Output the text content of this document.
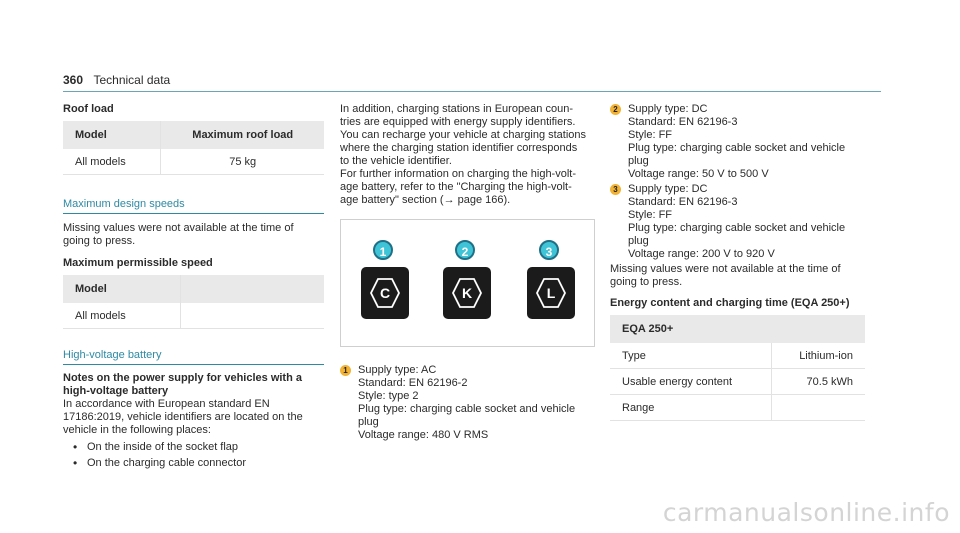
360 Technical data
Roof load
Model	Maximum roof load
All models	75 kg
Maximum design speeds
Missing values were not available at the time of
going to press.
Maximum permissible speed
Model	
All models	
High-voltage battery
Notes on the power supply for vehicles with a
high-voltage battery
In accordance with European standard EN
17186:2019, vehicle identifiers are located on the
vehicle in the following places:
• On the inside of the socket flap
• On the charging cable connector
In addition, charging stations in European coun-
tries are equipped with energy supply identifiers.
You can recharge your vehicle at charging stations
where the charging station identifier corresponds
to the vehicle identifier.
For further information on charging the high-volt-
age battery, refer to the "Charging the high-volt-
age battery" section (→ page 166).
1
C
2
K
3
L
1 Supply type: AC
Standard: EN 62196-2
Style: type 2
Plug type: charging cable socket and vehicle
plug
Voltage range: 480 V RMS
2 Supply type: DC
Standard: EN 62196-3
Style: FF
Plug type: charging cable socket and vehicle
plug
Voltage range: 50 V to 500 V
3 Supply type: DC
Standard: EN 62196-3
Style: FF
Plug type: charging cable socket and vehicle
plug
Voltage range: 200 V to 920 V
Missing values were not available at the time of
going to press.
Energy content and charging time (EQA 250+)
EQA 250+	
Type	Lithium-ion
Usable energy content	70.5 kWh
Range	
carmanualsonline.info
